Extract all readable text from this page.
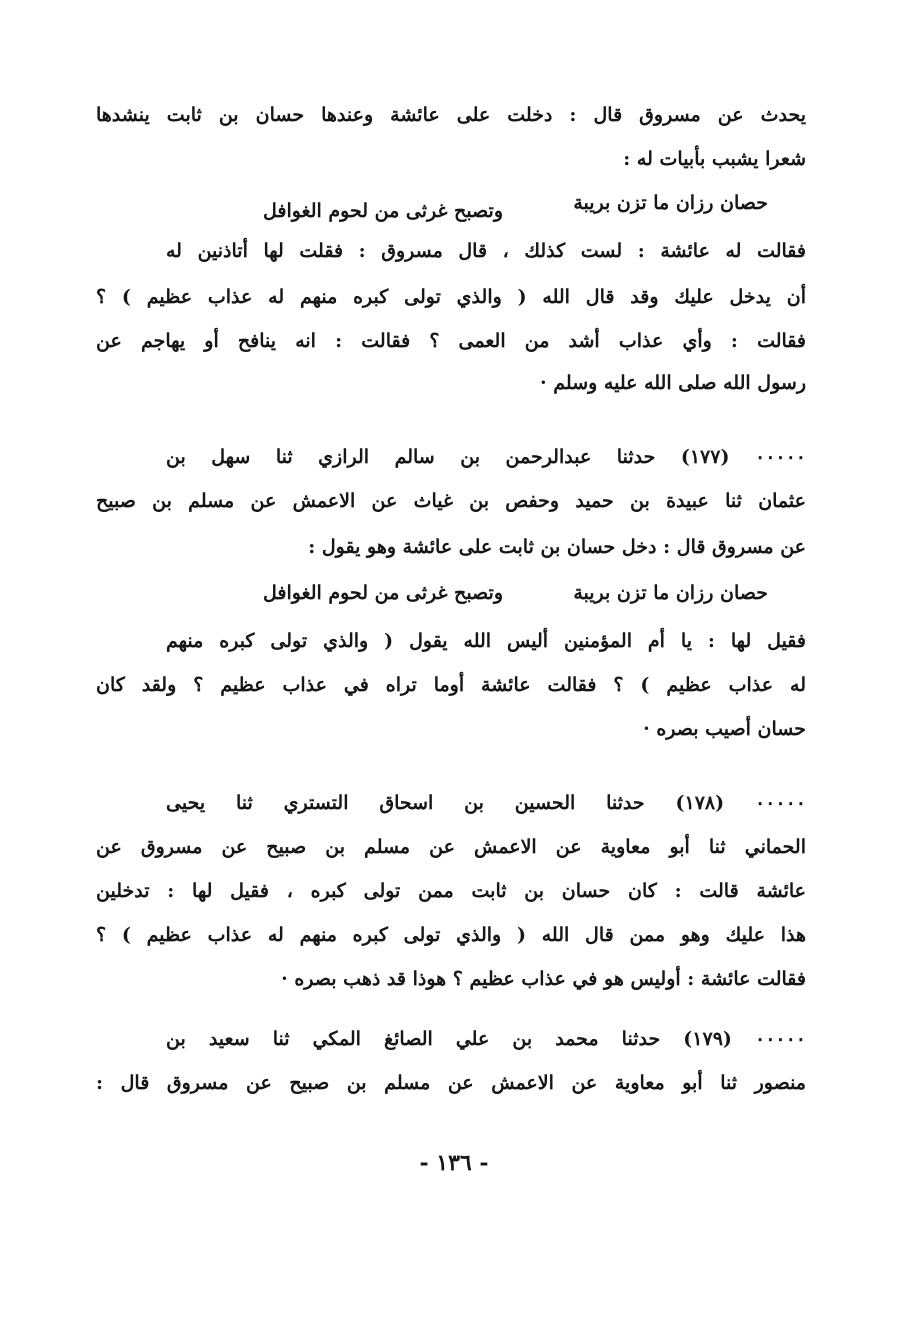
يحدث عن مسروق قال : دخلت على عائشة وعندها حسان بن ثابت ينشدها
شعرا يشبب بأبيات له :
حصان رزان ما تزن بريبة
وتصبح غرثى من لحوم الغوافل
فقالت له عائشة : لست كذلك ، قال مسروق : فقلت لها أتاذنين له
أن يدخل عليك وقد قال الله ( والذي تولى كبره منهم له عذاب عظيم ) ؟
فقالت : وأي عذاب أشد من العمى ؟ فقالت : انه ينافح أو يهاجم عن
رسول الله صلى الله عليه وسلم ·
٠٠٠٠٠ (١٧٧) حدثنا عبدالرحمن بن سالم الرازي ثنا سهل بن
عثمان ثنا عبيدة بن حميد وحفص بن غياث عن الاعمش عن مسلم بن صبيح
عن مسروق قال : دخل حسان بن ثابت على عائشة وهو يقول :
حصان رزان ما تزن بريبة
وتصبح غرثى من لحوم الغوافل
فقيل لها : يا أم المؤمنين أليس الله يقول ( والذي تولى كبره منهم
له عذاب عظيم ) ؟ فقالت عائشة أوما تراه في عذاب عظيم ؟ ولقد كان
حسان أصيب بصره ·
٠٠٠٠٠ (١٧٨) حدثنا الحسين بن اسحاق التستري ثنا يحيى
الحماني ثنا أبو معاوية عن الاعمش عن مسلم بن صبيح عن مسروق عن
عائشة قالت : كان حسان بن ثابت ممن تولى كبره ، فقيل لها : تدخلين
هذا عليك وهو ممن قال الله ( والذي تولى كبره منهم له عذاب عظيم ) ؟
فقالت عائشة : أوليس هو في عذاب عظيم ؟ هوذا قد ذهب بصره ·
٠٠٠٠٠ (١٧٩) حدثنا محمد بن علي الصائغ المكي ثنا سعيد بن
منصور ثنا أبو معاوية عن الاعمش عن مسلم بن صبيح عن مسروق قال :
- ١٣٦ -
